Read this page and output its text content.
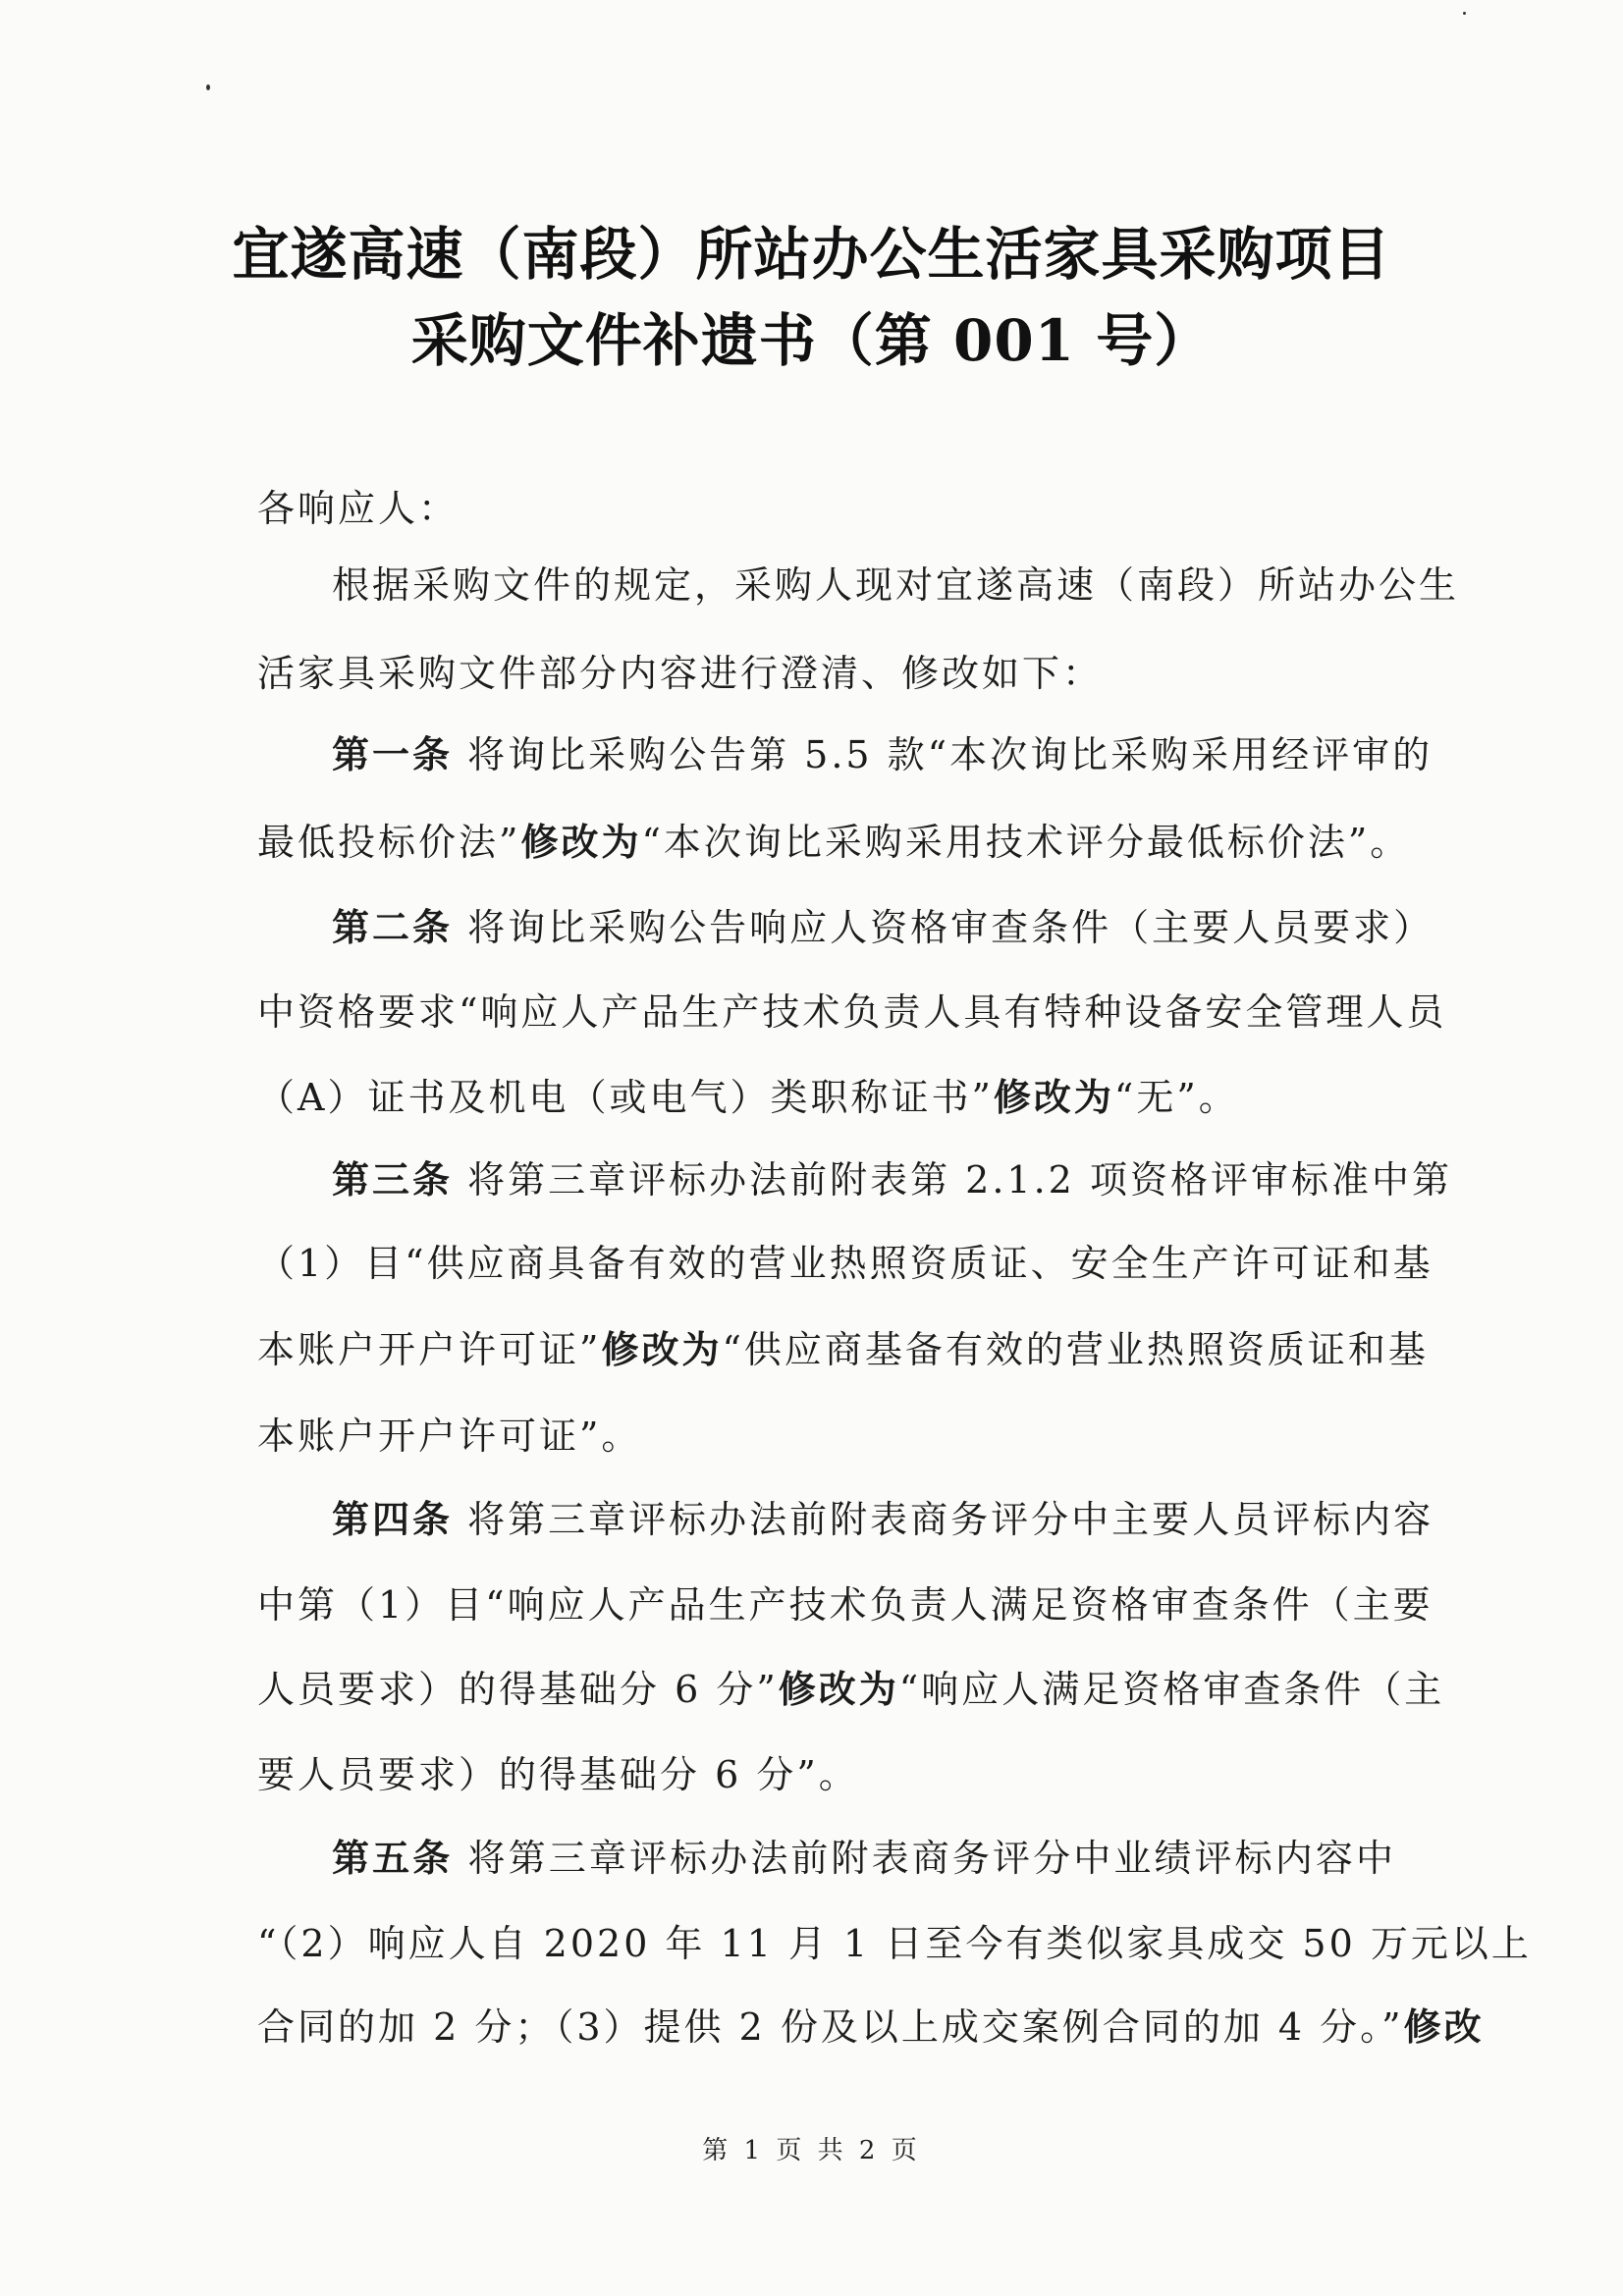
宜遂高速（南段）所站办公生活家具采购项目
采购文件补遗书（第 001 号）
各响应人：
根据采购文件的规定，采购人现对宜遂高速（南段）所站办公生
活家具采购文件部分内容进行澄清、修改如下：
第一条 将询比采购公告第 5.5 款“本次询比采购采用经评审的
最低投标价法”修改为“本次询比采购采用技术评分最低标价法”。
第二条 将询比采购公告响应人资格审查条件（主要人员要求）
中资格要求“响应人产品生产技术负责人具有特种设备安全管理人员
（A）证书及机电（或电气）类职称证书”修改为“无”。
第三条 将第三章评标办法前附表第 2.1.2 项资格评审标准中第
（1）目“供应商具备有效的营业热照资质证、安全生产许可证和基
本账户开户许可证”修改为“供应商基备有效的营业热照资质证和基
本账户开户许可证”。
第四条 将第三章评标办法前附表商务评分中主要人员评标内容
中第（1）目“响应人产品生产技术负责人满足资格审查条件（主要
人员要求）的得基础分 6 分”修改为“响应人满足资格审查条件（主
要人员要求）的得基础分 6 分”。
第五条 将第三章评标办法前附表商务评分中业绩评标内容中
“（2）响应人自 2020 年 11 月 1 日至今有类似家具成交 50 万元以上
合同的加 2 分；（3）提供 2 份及以上成交案例合同的加 4 分。”修改
第 1 页 共 2 页
